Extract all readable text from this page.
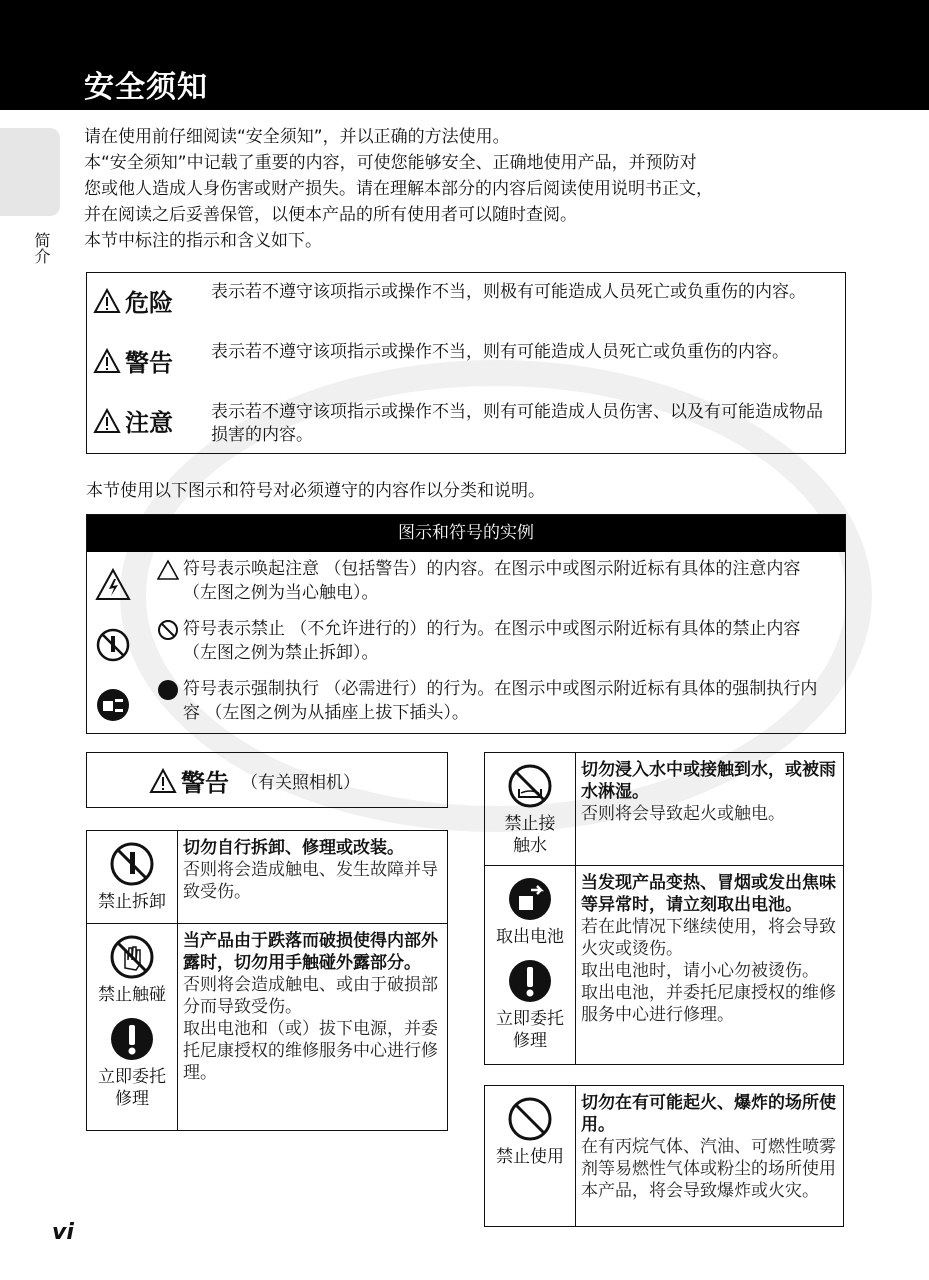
安全须知
简介

请在使用前仔细阅读“安全须知”，并以正确的方法使用。

本“安全须知”中记载了重要的内容，可使您能够安全、正确地使用产品，并预防对

您或他人造成人身伤害或财产损失。请在理解本部分的内容后阅读使用说明书正文，

并在阅读之后妥善保管，以便本产品的所有使用者可以随时查阅。

本节中标注的指示和含义如下。

危险 表示若不遵守该项指示或操作不当，则极有可能造成人员死亡或负重伤的内容。
警告 表示若不遵守该项指示或操作不当，则有可能造成人员死亡或负重伤的内容。
注意 表示若不遵守该项指示或操作不当，则有可能造成人员伤害、以及有可能造成物品损害的内容。
本节使用以下图示和符号对必须遵守的内容作以分类和说明。
图示和符号的实例
符号表示唤起注意 （包括警告）的内容。在图示中或图示附近标有具体的注意内容 （左图之例为当心触电）。
符号表示禁止 （不允许进行的）的行为。在图示中或图示附近标有具体的禁止内容 （左图之例为禁止拆卸）。
符号表示强制执行 （必需进行）的行为。在图示中或图示附近标有具体的强制执行内容 （左图之例为从插座上拔下插头）。
警告 （有关照相机）
禁止拆卸	切勿自行拆卸、修理或改装。
否则将会造成触电、发生故障并导致受伤。

禁止触碰
立即委托修理	当产品由于跌落而破损使得内部外露时，切勿用手触碰外露部分。
否则将会造成触电、或由于破损部分而导致受伤。
取出电池和（或）拔下电源，并委托尼康授权的维修服务中心进行修理。
禁止接触水	切勿浸入水中或接触到水，或被雨水淋湿。
否则将会导致起火或触电。

取出电池
立即委托修理	当发现产品变热、冒烟或发出焦味等异常时，请立刻取出电池。
若在此情况下继续使用，将会导致火灾或烫伤。
取出电池时，请小心勿被烫伤。
取出电池，并委托尼康授权的维修服务中心进行修理。
禁止使用

切勿在有可能起火、爆炸的场所使用。
在有丙烷气体、汽油、可燃性喷雾剂等易燃性气体或粉尘的场所使用本产品，将会导致爆炸或火灾。
vi
